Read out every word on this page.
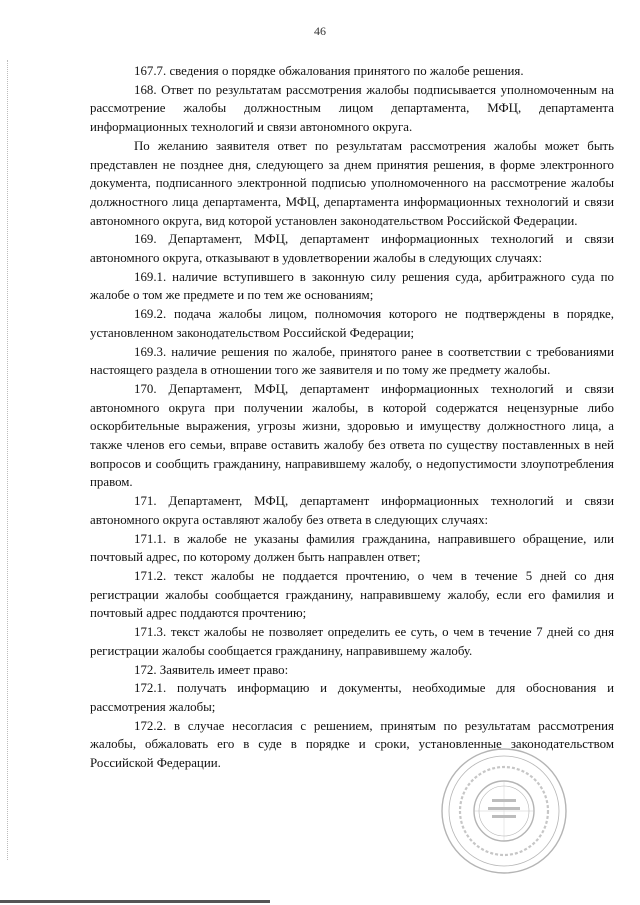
46

167.7. сведения о порядке обжалования принятого по жалобе решения.

168. Ответ по результатам рассмотрения жалобы подписывается уполномоченным на рассмотрение жалобы должностным лицом департамента, МФЦ, департамента информационных технологий и связи автономного округа.

По желанию заявителя ответ по результатам рассмотрения жалобы может быть представлен не позднее дня, следующего за днем принятия решения, в форме электронного документа, подписанного электронной подписью уполномоченного на рассмотрение жалобы должностного лица департамента, МФЦ, департамента информационных технологий и связи автономного округа, вид которой установлен законодательством Российской Федерации.

169. Департамент, МФЦ, департамент информационных технологий и связи автономного округа, отказывают в удовлетворении жалобы в следующих случаях:

169.1. наличие вступившего в законную силу решения суда, арбитражного суда по жалобе о том же предмете и по тем же основаниям;

169.2. подача жалобы лицом, полномочия которого не подтверждены в порядке, установленном законодательством Российской Федерации;

169.3. наличие решения по жалобе, принятого ранее в соответствии с требованиями настоящего раздела в отношении того же заявителя и по тому же предмету жалобы.

170. Департамент, МФЦ, департамент информационных технологий и связи автономного округа при получении жалобы, в которой содержатся нецензурные либо оскорбительные выражения, угрозы жизни, здоровью и имуществу должностного лица, а также членов его семьи, вправе оставить жалобу без ответа по существу поставленных в ней вопросов и сообщить гражданину, направившему жалобу, о недопустимости злоупотребления правом.

171. Департамент, МФЦ, департамент информационных технологий и связи автономного округа оставляют жалобу без ответа в следующих случаях:

171.1. в жалобе не указаны фамилия гражданина, направившего обращение, или почтовый адрес, по которому должен быть направлен ответ;

171.2. текст жалобы не поддается прочтению, о чем в течение 5 дней со дня регистрации жалобы сообщается гражданину, направившему жалобу, если его фамилия и почтовый адрес поддаются прочтению;

171.3. текст жалобы не позволяет определить ее суть, о чем в течение 7 дней со дня регистрации жалобы сообщается гражданину, направившему жалобу.

172. Заявитель имеет право:

172.1. получать информацию и документы, необходимые для обоснования и рассмотрения жалобы;

172.2. в случае несогласия с решением, принятым по результатам рассмотрения жалобы, обжаловать его в суде в порядке и сроки, установленные законодательством Российской Федерации.
